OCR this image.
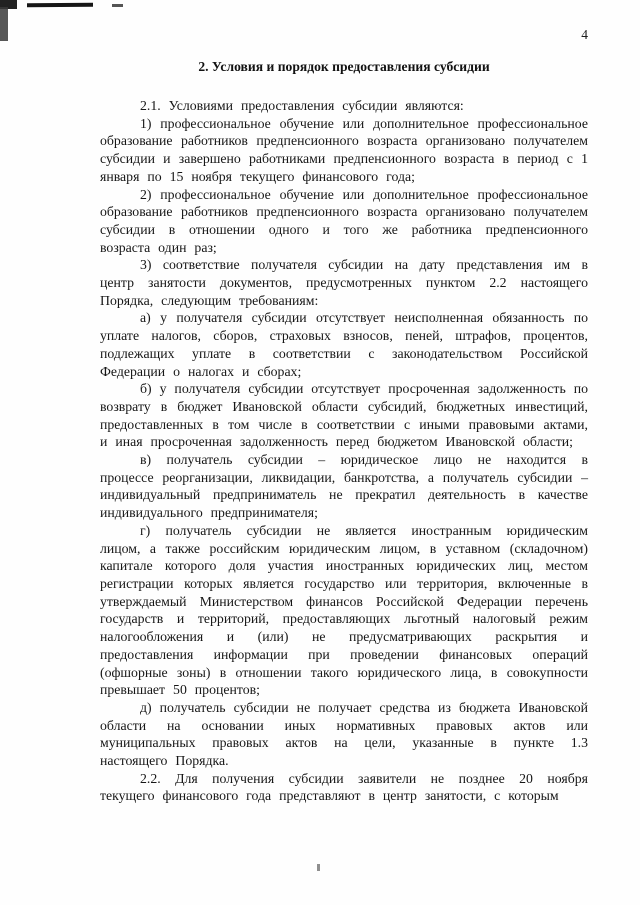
4
2. Условия и порядок предоставления субсидии

2.1. Условиями предоставления субсидии являются:

1) профессиональное обучение или дополнительное профессиональное образование работников предпенсионного возраста организовано получателем субсидии и завершено работниками предпенсионного возраста в период с 1 января по 15 ноября текущего финансового года;

2) профессиональное обучение или дополнительное профессиональное образование работников предпенсионного возраста организовано получателем субсидии в отношении одного и того же работника предпенсионного возраста один раз;

3) соответствие получателя субсидии на дату представления им в центр занятости документов, предусмотренных пунктом 2.2 настоящего Порядка, следующим требованиям:

а) у получателя субсидии отсутствует неисполненная обязанность по уплате налогов, сборов, страховых взносов, пеней, штрафов, процентов, подлежащих уплате в соответствии с законодательством Российской Федерации о налогах и сборах;

б) у получателя субсидии отсутствует просроченная задолженность по возврату в бюджет Ивановской области субсидий, бюджетных инвестиций, предоставленных в том числе в соответствии с иными правовыми актами, и иная просроченная задолженность перед бюджетом Ивановской области;

в) получатель субсидии – юридическое лицо не находится в процессе реорганизации, ликвидации, банкротства, а получатель субсидии – индивидуальный предприниматель не прекратил деятельность в качестве индивидуального предпринимателя;

г) получатель субсидии не является иностранным юридическим лицом, а также российским юридическим лицом, в уставном (складочном) капитале которого доля участия иностранных юридических лиц, местом регистрации которых является государство или территория, включенные в утверждаемый Министерством финансов Российской Федерации перечень государств и территорий, предоставляющих льготный налоговый режим налогообложения и (или) не предусматривающих раскрытия и предоставления информации при проведении финансовых операций (офшорные зоны) в отношении такого юридического лица, в совокупности превышает 50 процентов;

д) получатель субсидии не получает средства из бюджета Ивановской области на основании иных нормативных правовых актов или муниципальных правовых актов на цели, указанные в пункте 1.3 настоящего Порядка.

2.2. Для получения субсидии заявители не позднее 20 ноября текущего финансового года представляют в центр занятости, с которым
